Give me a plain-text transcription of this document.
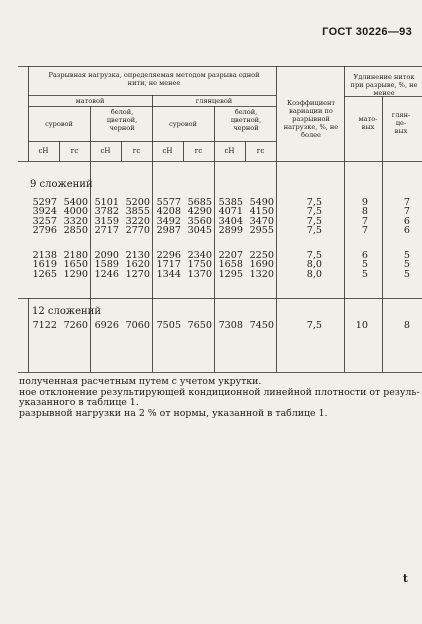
ГОСТ 30226—93
Разрывная нагрузка, определяемая методом разрыва одной нити, не менее
матовой	глянцевой
суровой
белой, цветной, черной	суровой
белой, цветной, черной
Коэффициент вариации по разрывной нагрузке, %, не более
Удлинение ниток при разрыве, %, не менее
мато-вых
глян-це-вых
сН	гс	сН	гс	сН	гс	сН	гс
9 сложений
12 сложений
5297 5400 5101 5200 5577 5685 5385 5490	7,5	9	7
3924 4000 3782 3855 4208 4290 4071 4150	7,5	8	7
3257 3320 3159 3220 3492 3560 3404 3470	7,5	7	6
2796 2850 2717 2770 2987 3045 2899 2955	7,5	7	6
2138 2180 2090 2130 2296 2340 2207 2250	7,5	6	5
1619 1650 1589 1620 1717 1750 1658 1690	8,0	5	5
1265 1290 1246 1270 1344 1370 1295 1320	8,0	5	5
7122 7260 6926 7060 7505 7650 7308 7450	7,5	10	8
полученная расчетным путем с учетом укрутки.
ное отклонение результирующей кондиционной линейной плотности от резуль-
указанного в таблице 1.
разрывной нагрузки на 2 % от нормы, указанной в таблице 1.
t
